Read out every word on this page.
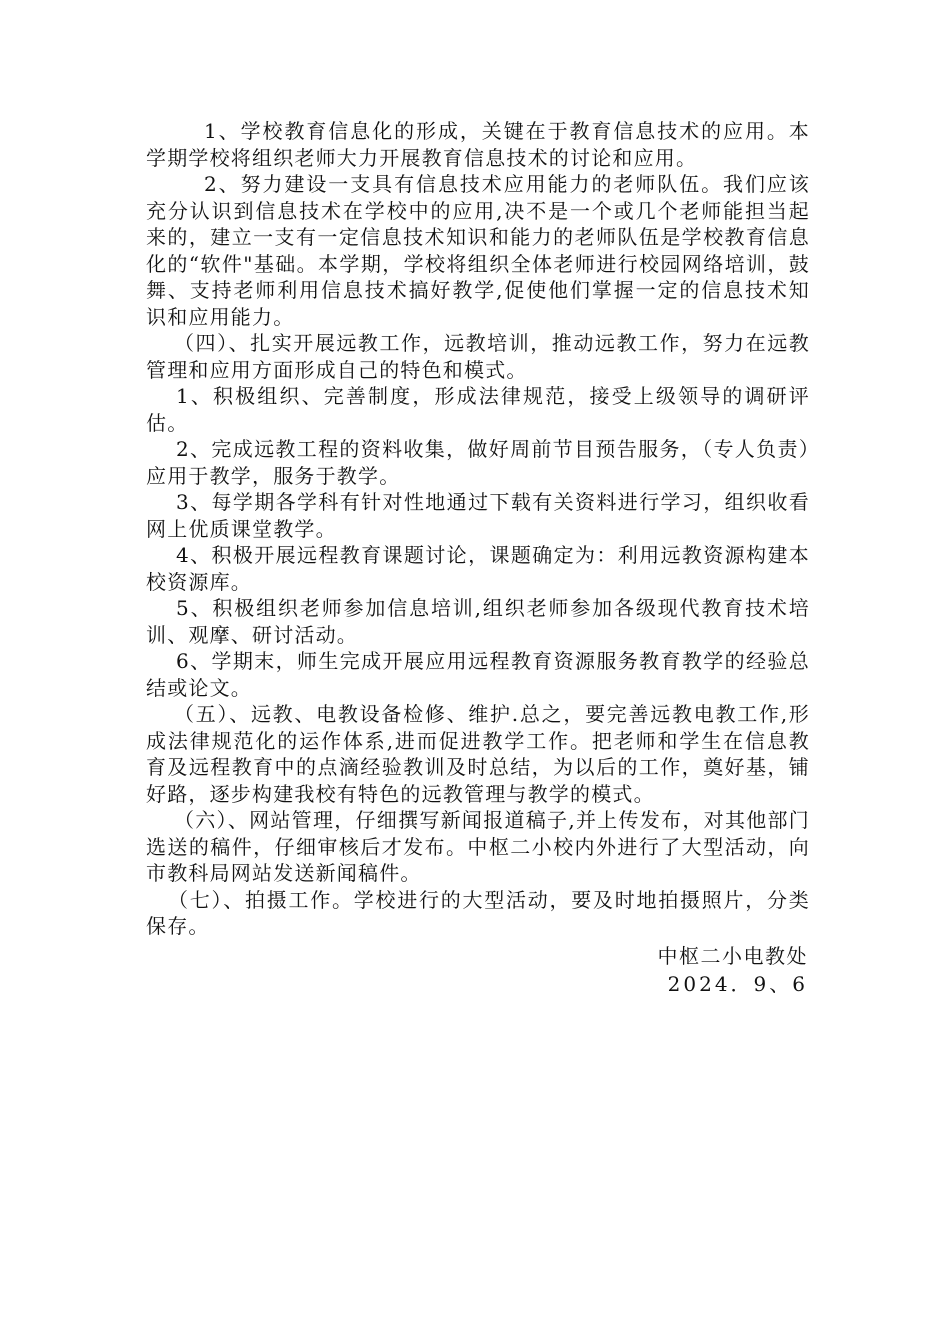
1、学校教育信息化的形成，关键在于教育信息技术的应用。本学期学校将组织老师大力开展教育信息技术的讨论和应用。

2、努力建设一支具有信息技术应用能力的老师队伍。我们应该充分认识到信息技术在学校中的应用,决不是一个或几个老师能担当起来的，建立一支有一定信息技术知识和能力的老师队伍是学校教育信息化的“软件"基础。本学期，学校将组织全体老师进行校园网络培训，鼓舞、支持老师利用信息技术搞好教学,促使他们掌握一定的信息技术知识和应用能力。

（四）、扎实开展远教工作，远教培训，推动远教工作，努力在远教管理和应用方面形成自己的特色和模式。

1、积极组织、完善制度，形成法律规范，接受上级领导的调研评估。

2、完成远教工程的资料收集，做好周前节目预告服务，（专人负责）应用于教学，服务于教学。

3、每学期各学科有针对性地通过下载有关资料进行学习，组织收看网上优质课堂教学。

4、积极开展远程教育课题讨论，课题确定为：利用远教资源构建本校资源库。

5、积极组织老师参加信息培训,组织老师参加各级现代教育技术培训、观摩、研讨活动。

6、学期末，师生完成开展应用远程教育资源服务教育教学的经验总结或论文。

（五）、远教、电教设备检修、维护.总之，要完善远教电教工作,形成法律规范化的运作体系,进而促进教学工作。把老师和学生在信息教育及远程教育中的点滴经验教训及时总结，为以后的工作，奠好基，铺好路，逐步构建我校有特色的远教管理与教学的模式。

（六）、网站管理，仔细撰写新闻报道稿子,并上传发布，对其他部门选送的稿件，仔细审核后才发布。中枢二小校内外进行了大型活动，向市教科局网站发送新闻稿件。

（七）、拍摄工作。学校进行的大型活动，要及时地拍摄照片，分类保存。

中枢二小电教处
2024．9、6
